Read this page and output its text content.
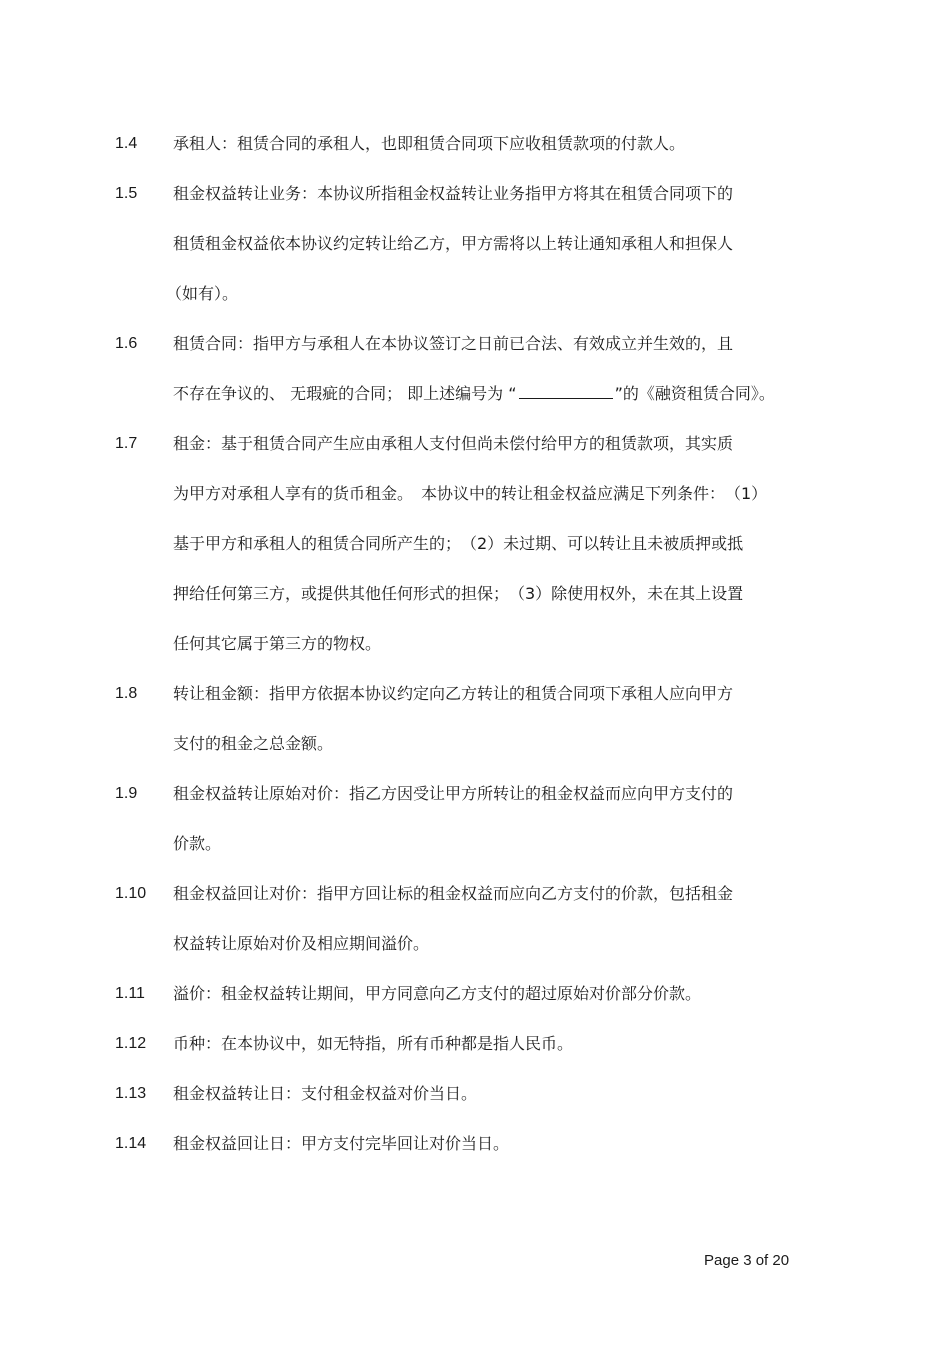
1.4 承租人：租赁合同的承租人，也即租赁合同项下应收租赁款项的付款人。
1.5 租金权益转让业务：本协议所指租金权益转让业务指甲方将其在租赁合同项下的
租赁租金权益依本协议约定转让给乙方，甲方需将以上转让通知承租人和担保人
（如有）。
1.6 租赁合同：指甲方与承租人在本协议签订之日前已合法、有效成立并生效的，且
不存在争议的、 无瑕疵的合同； 即上述编号为 “	”的《融资租赁合同》。
1.7 租金：基于租赁合同产生应由承租人支付但尚未偿付给甲方的租赁款项，其实质
为甲方对承租人享有的货币租金。　本协议中的转让租金权益应满足下列条件：　（1）
基于甲方和承租人的租赁合同所产生的；　（2）未过期、可以转让且未被质押或抵
押给任何第三方，或提供其他任何形式的担保；　（3）除使用权外，未在其上设置
任何其它属于第三方的物权。
1.8 转让租金额：指甲方依据本协议约定向乙方转让的租赁合同项下承租人应向甲方
支付的租金之总金额。
1.9 租金权益转让原始对价：指乙方因受让甲方所转让的租金权益而应向甲方支付的
价款。
1.10 租金权益回让对价：指甲方回让标的租金权益而应向乙方支付的价款，包括租金
权益转让原始对价及相应期间溢价。
1.11 溢价：租金权益转让期间，甲方同意向乙方支付的超过原始对价部分价款。
1.12 币种：在本协议中，如无特指，所有币种都是指人民币。
1.13 租金权益转让日：支付租金权益对价当日。
1.14 租金权益回让日：甲方支付完毕回让对价当日。
Page 3 of 20
